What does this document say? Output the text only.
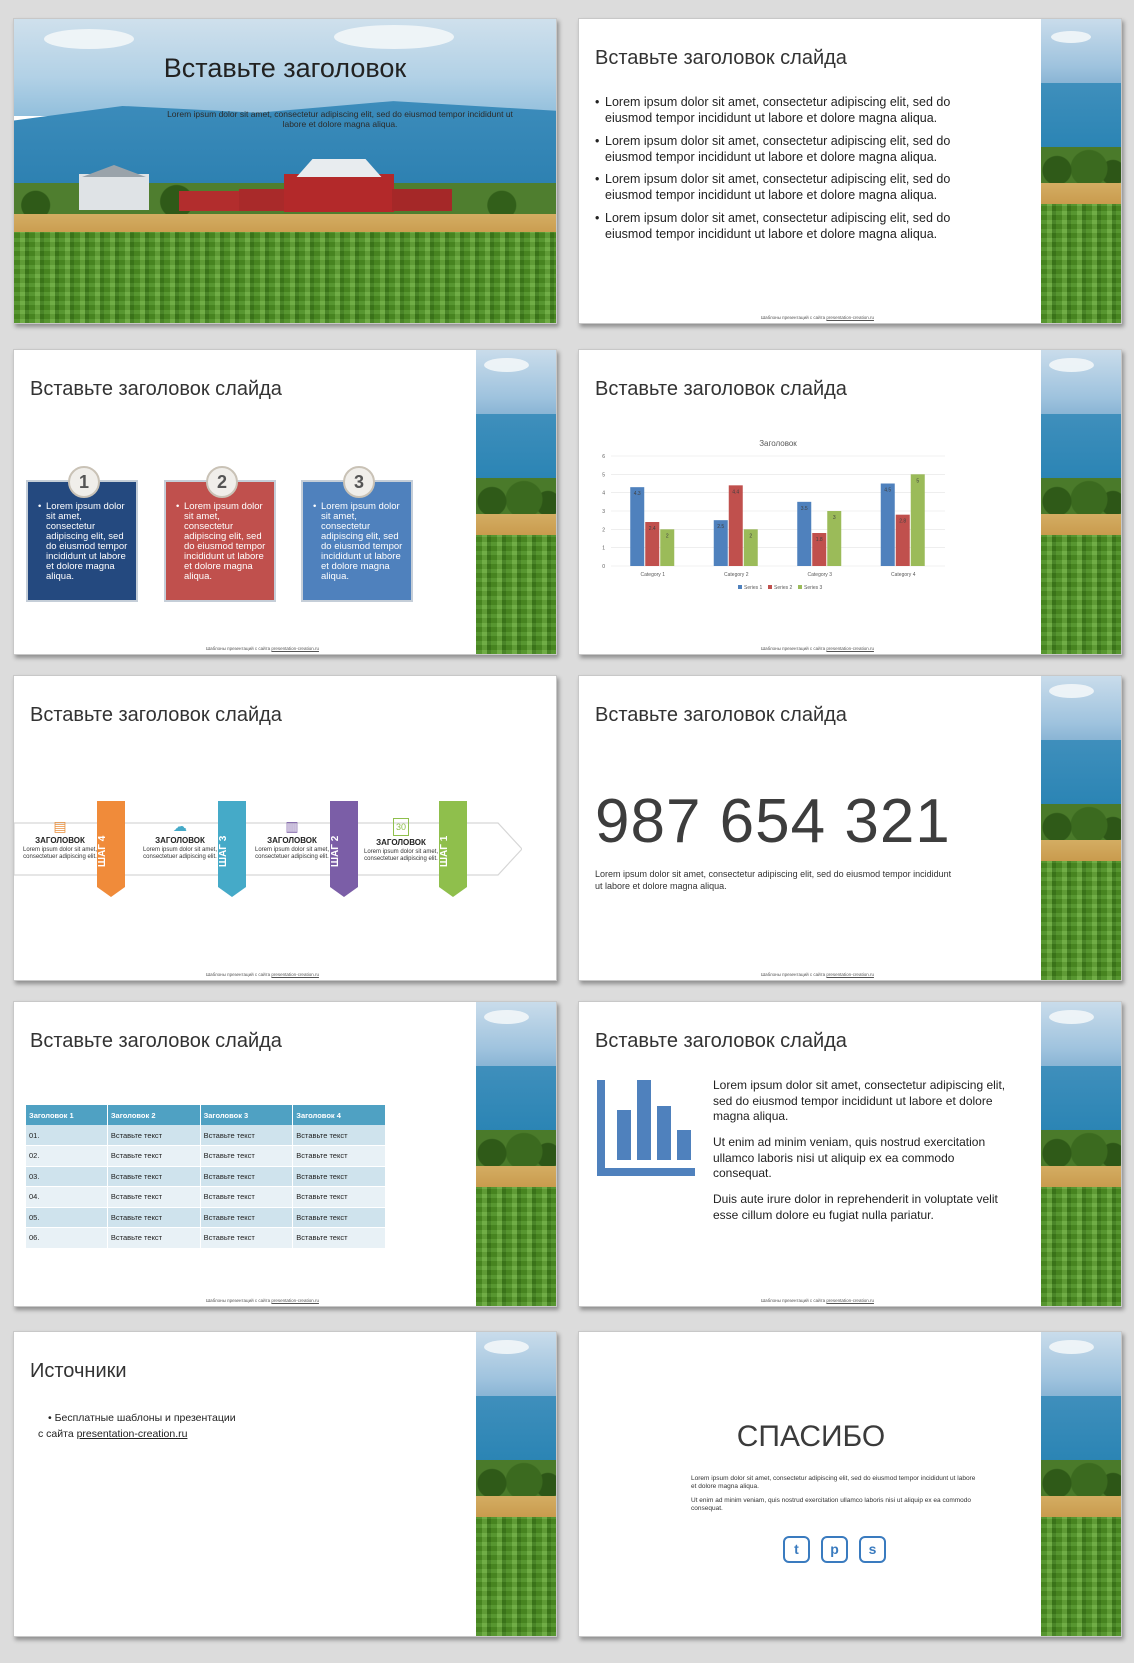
Вставьте заголовок
Lorem ipsum dolor sit amet, consectetur adipiscing elit, sed do eiusmod tempor incididunt ut labore et dolore magna aliqua.
Вставьте заголовок слайда
• Lorem ipsum dolor sit amet, consectetur adipiscing elit, sed do eiusmod tempor incididunt ut labore et dolore magna aliqua.
• Lorem ipsum dolor sit amet, consectetur adipiscing elit, sed do eiusmod tempor incididunt ut labore et dolore magna aliqua.
• Lorem ipsum dolor sit amet, consectetur adipiscing elit, sed do eiusmod tempor incididunt ut labore et dolore magna aliqua.
• Lorem ipsum dolor sit amet, consectetur adipiscing elit, sed do eiusmod tempor incididunt ut labore et dolore magna aliqua.
Шаблоны презентаций с сайта presentation-creation.ru
Вставьте заголовок слайда
1
• Lorem ipsum dolor sit amet, consectetur adipiscing elit, sed do eiusmod tempor incididunt ut labore et dolore magna aliqua.
2
• Lorem ipsum dolor sit amet, consectetur adipiscing elit, sed do eiusmod tempor incididunt ut labore et dolore magna aliqua.
3
• Lorem ipsum dolor sit amet, consectetur adipiscing elit, sed do eiusmod tempor incididunt ut labore et dolore magna aliqua.
Шаблоны презентаций с сайта presentation-creation.ru
Вставьте заголовок слайда
Заголовок
0
1
2
3
4
5
6
Category 1
4.3
2.4
2
Category 2
2.5
4.4
2
Category 3
3.5
1.8
3
Category 4
4.5
2.8
5
Series 1 Series 2 Series 3
Шаблоны презентаций с сайта presentation-creation.ru
Вставьте заголовок слайда
▤
ЗАГОЛОВОК
Lorem ipsum dolor sit amet, consectetuer adipiscing elit. ШАГ 4
☁
ЗАГОЛОВОК
Lorem ipsum dolor sit amet, consectetuer adipiscing elit. ШАГ 3
▥
ЗАГОЛОВОК
Lorem ipsum dolor sit amet, consectetuer adipiscing elit. ШАГ 2
30
ЗАГОЛОВОК
Lorem ipsum dolor sit amet, consectetuer adipiscing elit. ШАГ 1
Шаблоны презентаций с сайта presentation-creation.ru
Вставьте заголовок слайда
987 654 321
Lorem ipsum dolor sit amet, consectetur adipiscing elit, sed do eiusmod tempor incididunt ut labore et dolore magna aliqua.
Шаблоны презентаций с сайта presentation-creation.ru
Вставьте заголовок слайда
Заголовок 1	Заголовок 2	Заголовок 3	Заголовок 4
01.	Вставьте текст	Вставьте текст	Вставьте текст
02.	Вставьте текст	Вставьте текст	Вставьте текст
03.	Вставьте текст	Вставьте текст	Вставьте текст
04.	Вставьте текст	Вставьте текст	Вставьте текст
05.	Вставьте текст	Вставьте текст	Вставьте текст
06.	Вставьте текст	Вставьте текст	Вставьте текст
Шаблоны презентаций с сайта presentation-creation.ru
Вставьте заголовок слайда
Lorem ipsum dolor sit amet, consectetur adipiscing elit, sed do eiusmod tempor incididunt ut labore et dolore magna aliqua.
Ut enim ad minim veniam, quis nostrud exercitation ullamco laboris nisi ut aliquip ex ea commodo consequat.
Duis aute irure dolor in reprehenderit in voluptate velit esse cillum dolore eu fugiat nulla pariatur.
Шаблоны презентаций с сайта presentation-creation.ru
Источники
• Бесплатные шаблоны и презентации
с сайта presentation-creation.ru	СПАСИБО
Lorem ipsum dolor sit amet, consectetur adipiscing elit, sed do eiusmod tempor incididunt ut labore et dolore magna aliqua.
Ut enim ad minim veniam, quis nostrud exercitation ullamco laboris nisi ut aliquip ex ea commodo consequat.
t	p	s
